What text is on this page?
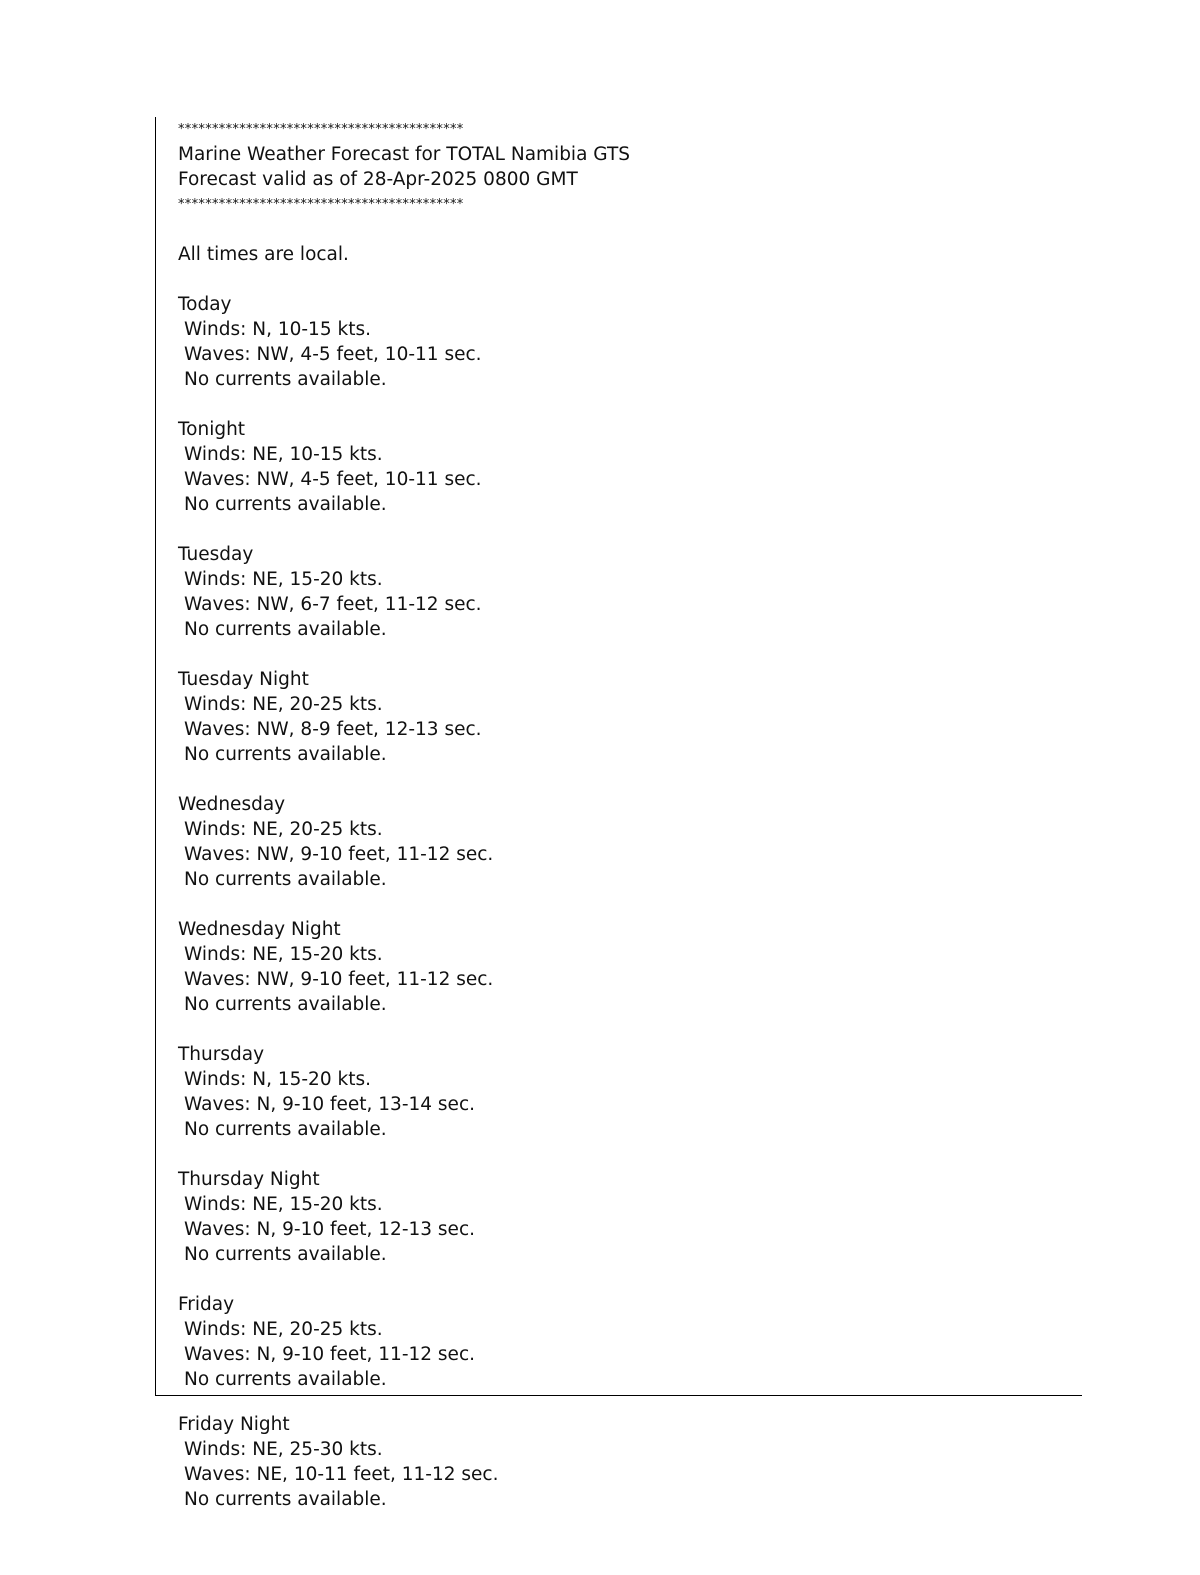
******************************************
Marine Weather Forecast for TOTAL Namibia GTS
Forecast valid as of 28-Apr-2025 0800 GMT
******************************************
All times are local.
Today
Winds: N, 10-15 kts.
Waves: NW, 4-5 feet, 10-11 sec.
No currents available.
Tonight
Winds: NE, 10-15 kts.
Waves: NW, 4-5 feet, 10-11 sec.
No currents available.
Tuesday
Winds: NE, 15-20 kts.
Waves: NW, 6-7 feet, 11-12 sec.
No currents available.
Tuesday Night
Winds: NE, 20-25 kts.
Waves: NW, 8-9 feet, 12-13 sec.
No currents available.
Wednesday
Winds: NE, 20-25 kts.
Waves: NW, 9-10 feet, 11-12 sec.
No currents available.
Wednesday Night
Winds: NE, 15-20 kts.
Waves: NW, 9-10 feet, 11-12 sec.
No currents available.
Thursday
Winds: N, 15-20 kts.
Waves: N, 9-10 feet, 13-14 sec.
No currents available.
Thursday Night
Winds: NE, 15-20 kts.
Waves: N, 9-10 feet, 12-13 sec.
No currents available.
Friday
Winds: NE, 20-25 kts.
Waves: N, 9-10 feet, 11-12 sec.
No currents available.
Friday Night
Winds: NE, 25-30 kts.
Waves: NE, 10-11 feet, 11-12 sec.
No currents available.
